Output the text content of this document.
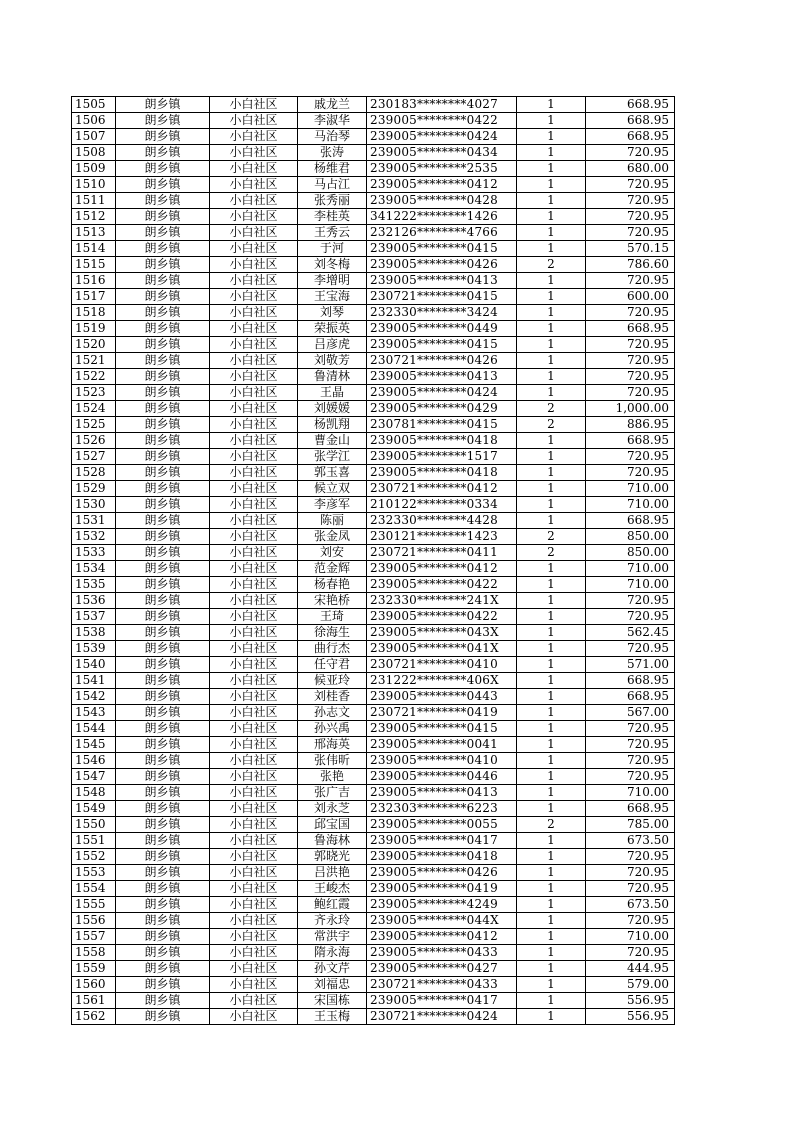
1505	朗乡镇	小白社区	戚龙兰	230183********4027	1	668.95
1506	朗乡镇	小白社区	李淑华	239005********0422	1	668.95
1507	朗乡镇	小白社区	马治琴	239005********0424	1	668.95
1508	朗乡镇	小白社区	张涛	239005********0434	1	720.95
1509	朗乡镇	小白社区	杨维君	239005********2535	1	680.00
1510	朗乡镇	小白社区	马占江	239005********0412	1	720.95
1511	朗乡镇	小白社区	张秀丽	239005********0428	1	720.95
1512	朗乡镇	小白社区	李桂英	341222********1426	1	720.95
1513	朗乡镇	小白社区	王秀云	232126********4766	1	720.95
1514	朗乡镇	小白社区	于河	239005********0415	1	570.15
1515	朗乡镇	小白社区	刘冬梅	239005********0426	2	786.60
1516	朗乡镇	小白社区	李增明	239005********0413	1	720.95
1517	朗乡镇	小白社区	王宝海	230721********0415	1	600.00
1518	朗乡镇	小白社区	刘琴	232330********3424	1	720.95
1519	朗乡镇	小白社区	荣振英	239005********0449	1	668.95
1520	朗乡镇	小白社区	吕彦虎	239005********0415	1	720.95
1521	朗乡镇	小白社区	刘敬芳	230721********0426	1	720.95
1522	朗乡镇	小白社区	鲁清林	239005********0413	1	720.95
1523	朗乡镇	小白社区	王晶	239005********0424	1	720.95
1524	朗乡镇	小白社区	刘媛媛	239005********0429	2	1,000.00
1525	朗乡镇	小白社区	杨凯翔	230781********0415	2	886.95
1526	朗乡镇	小白社区	曹金山	239005********0418	1	668.95
1527	朗乡镇	小白社区	张学江	239005********1517	1	720.95
1528	朗乡镇	小白社区	郭玉喜	239005********0418	1	720.95
1529	朗乡镇	小白社区	候立双	230721********0412	1	710.00
1530	朗乡镇	小白社区	李彦军	210122********0334	1	710.00
1531	朗乡镇	小白社区	陈丽	232330********4428	1	668.95
1532	朗乡镇	小白社区	张金凤	230121********1423	2	850.00
1533	朗乡镇	小白社区	刘安	230721********0411	2	850.00
1534	朗乡镇	小白社区	范金辉	239005********0412	1	710.00
1535	朗乡镇	小白社区	杨春艳	239005********0422	1	710.00
1536	朗乡镇	小白社区	宋艳桥	232330********241X	1	720.95
1537	朗乡镇	小白社区	王琦	239005********0422	1	720.95
1538	朗乡镇	小白社区	徐海生	239005********043X	1	562.45
1539	朗乡镇	小白社区	曲行杰	239005********041X	1	720.95
1540	朗乡镇	小白社区	任守君	230721********0410	1	571.00
1541	朗乡镇	小白社区	候亚玲	231222********406X	1	668.95
1542	朗乡镇	小白社区	刘桂香	239005********0443	1	668.95
1543	朗乡镇	小白社区	孙志文	230721********0419	1	567.00
1544	朗乡镇	小白社区	孙兴禹	239005********0415	1	720.95
1545	朗乡镇	小白社区	邢海英	239005********0041	1	720.95
1546	朗乡镇	小白社区	张伟昕	239005********0410	1	720.95
1547	朗乡镇	小白社区	张艳	239005********0446	1	720.95
1548	朗乡镇	小白社区	张广吉	239005********0413	1	710.00
1549	朗乡镇	小白社区	刘永芝	232303********6223	1	668.95
1550	朗乡镇	小白社区	邱宝国	239005********0055	2	785.00
1551	朗乡镇	小白社区	鲁海林	239005********0417	1	673.50
1552	朗乡镇	小白社区	郭晓光	239005********0418	1	720.95
1553	朗乡镇	小白社区	吕洪艳	239005********0426	1	720.95
1554	朗乡镇	小白社区	王峻杰	239005********0419	1	720.95
1555	朗乡镇	小白社区	鲍红霞	239005********4249	1	673.50
1556	朗乡镇	小白社区	齐永玲	239005********044X	1	720.95
1557	朗乡镇	小白社区	常洪宇	239005********0412	1	710.00
1558	朗乡镇	小白社区	隋永海	239005********0433	1	720.95
1559	朗乡镇	小白社区	孙文芹	239005********0427	1	444.95
1560	朗乡镇	小白社区	刘福忠	230721********0433	1	579.00
1561	朗乡镇	小白社区	宋国栋	239005********0417	1	556.95
1562	朗乡镇	小白社区	王玉梅	230721********0424	1	556.95
